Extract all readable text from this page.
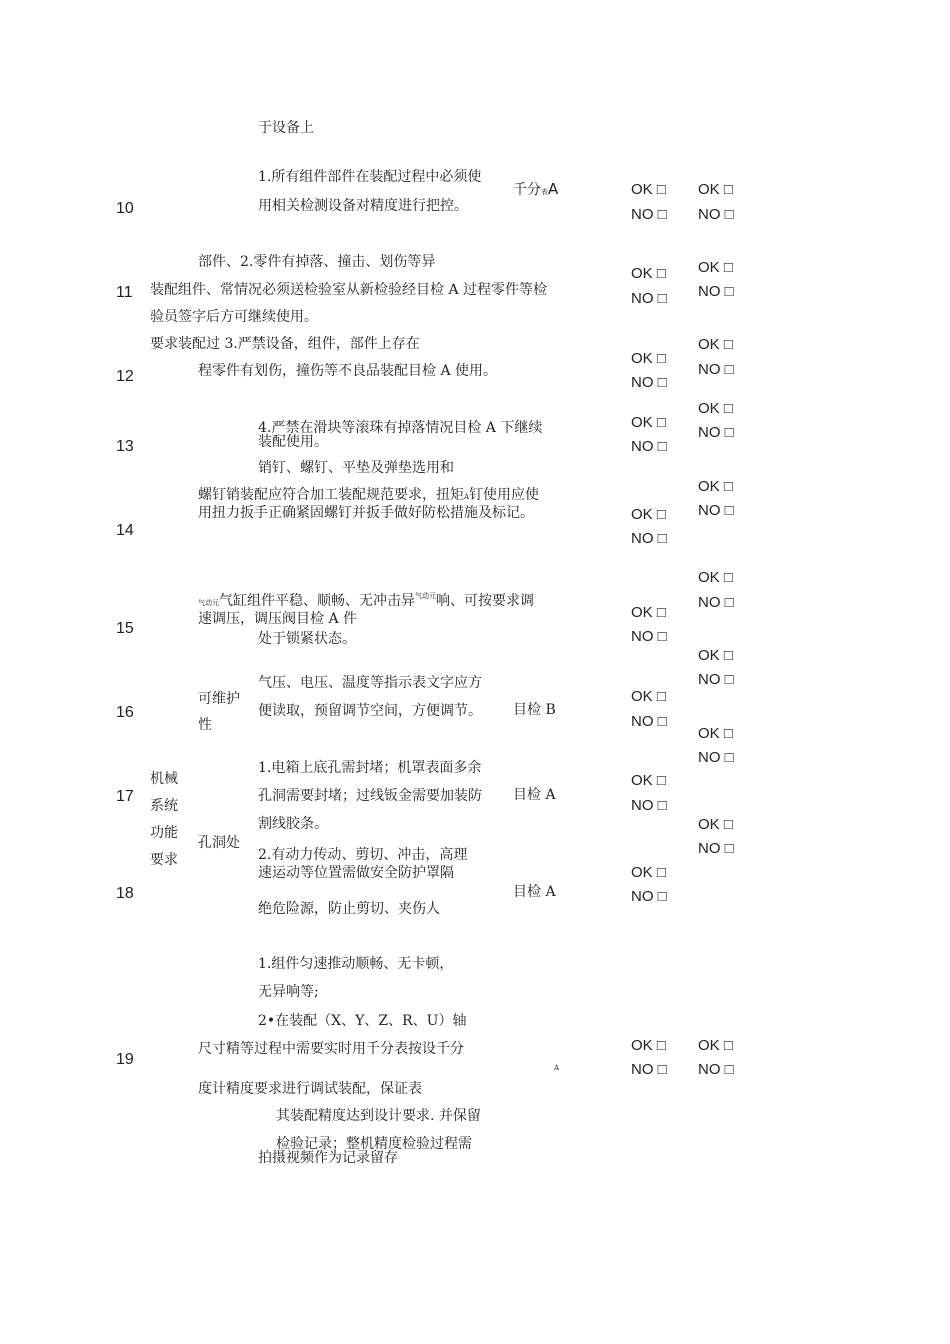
于设备上
10
1.所有组件部件在装配过程中必须使
用相关检测设备对精度进行把控。
千分表A
11
部件、2.零件有掉落、撞击、划伤等异
装配组件、常情况必须送检验室从新检验经目检 A 过程零件等检
验员签字后方可继续使用。
12
要求装配过 3.严禁设备，组件，部件上存在
程零件有划伤，撞伤等不良品装配目检 A 使用。
13
4.严禁在滑块等滚珠有掉落情况目检 A 下继续
装配使用。
14
销钉、螺钉、平垫及弹垫选用和
螺钉销装配应符合加工装配规范要求，扭矩A钉使用应使
用扭力扳手正确紧固螺钉并扳手做好防松措施及标记。
15
气动元气缸组件平稳、顺畅、无冲击异$^{气动元}$响、可按要求调
速调压，调压阀目检 A 件
处于锁紧状态。
16
可维护
性
气压、电压、温度等指示表文字应方
便读取，预留调节空间，方便调节。 目检 B
17
机械
系统
功能
要求
孔洞处
1.电箱上底孔需封堵；机罩表面多余
孔洞需要封堵；过线钣金需要加装防
割线胶条。
目检 A
18
2.有动力传动、剪切、冲击，高理
速运动等位置需做安全防护罩隔
绝危险源，防止剪切、夹伤人
目检 A
19
1.组件匀速推动顺畅、无卡顿，
无异响等;
2•在装配（X、Y、Z、R、U）轴
尺寸精等过程中需要实时用千分表按设千分
度计精度要求进行调试装配，保证表
其装配精度达到设计要求. 并保留
检验记录；整机精度检验过程需
拍摄视频作为记录留存
A
OK □
NO □
OK □
NO □
OK □
NO □
OK □
NO □
OK □
NO □
OK □
NO □
OK □
NO □
OK □
NO □
OK □
NO □
OK □
NO □
OK □
NO □
OK □
NO □
OK □
NO □
OK □
NO □
OK □
NO □
OK □
NO □
OK □
NO □
OK □
NO □
OK □
NO □
OK □
NO □
